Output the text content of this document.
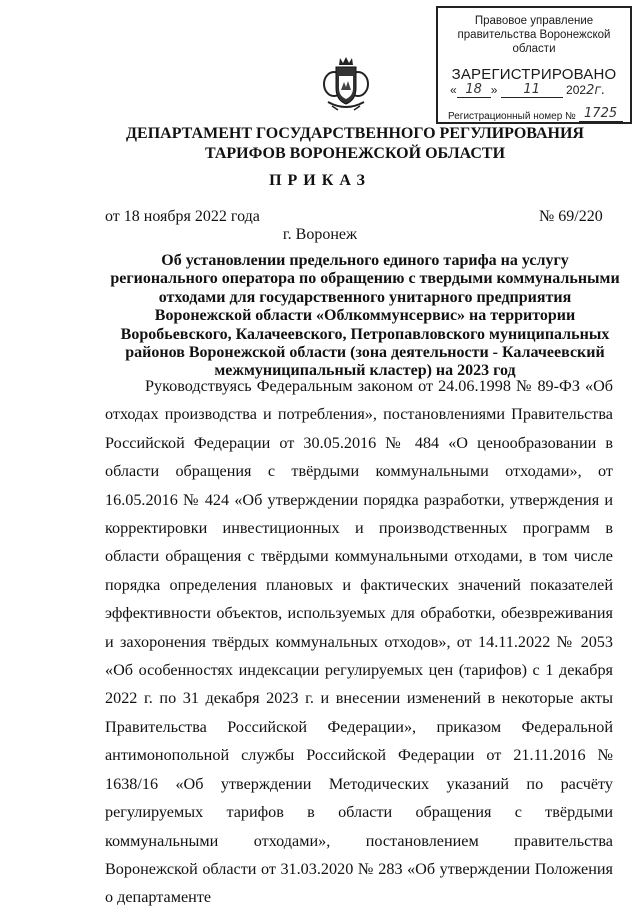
Правовое управление правительства Воронежской области
ЗАРЕГИСТРИРОВАНО
« 18 » 11 2022г.
Регистрационный номер № 1725
ДЕПАРТАМЕНТ ГОСУДАРСТВЕННОГО РЕГУЛИРОВАНИЯ ТАРИФОВ ВОРОНЕЖСКОЙ ОБЛАСТИ
ПРИКАЗ
от 18 ноября 2022 года	№ 69/220
г. Воронеж
Об установлении предельного единого тарифа на услугу регионального оператора по обращению с твердыми коммунальными отходами для государственного унитарного предприятия Воронежской области «Облкоммунсервис» на территории Воробьевского, Калачеевского, Петропавловского муниципальных районов Воронежской области (зона деятельности - Калачеевский межмуниципальный кластер) на 2023 год

Руководствуясь Федеральным законом от 24.06.1998 № 89-ФЗ «Об отходах производства и потребления», постановлениями Правительства Российской Федерации от 30.05.2016 № 484 «О ценообразовании в области обращения с твёрдыми коммунальными отходами», от 16.05.2016 № 424 «Об утверждении порядка разработки, утверждения и корректировки инвестиционных и производственных программ в области обращения с твёрдыми коммунальными отходами, в том числе порядка определения плановых и фактических значений показателей эффективности объектов, используемых для обработки, обезвреживания и захоронения твёрдых коммунальных отходов», от 14.11.2022 № 2053 «Об особенностях индексации регулируемых цен (тарифов) с 1 декабря 2022 г. по 31 декабря 2023 г. и внесении изменений в некоторые акты Правительства Российской Федерации», приказом Федеральной антимонопольной службы Российской Федерации от 21.11.2016 № 1638/16 «Об утверждении Методических указаний по расчёту регулируемых тарифов в области обращения с твёрдыми коммунальными отходами», постановлением правительства Воронежской области от 31.03.2020 № 283 «Об утверждении Положения о департаменте
